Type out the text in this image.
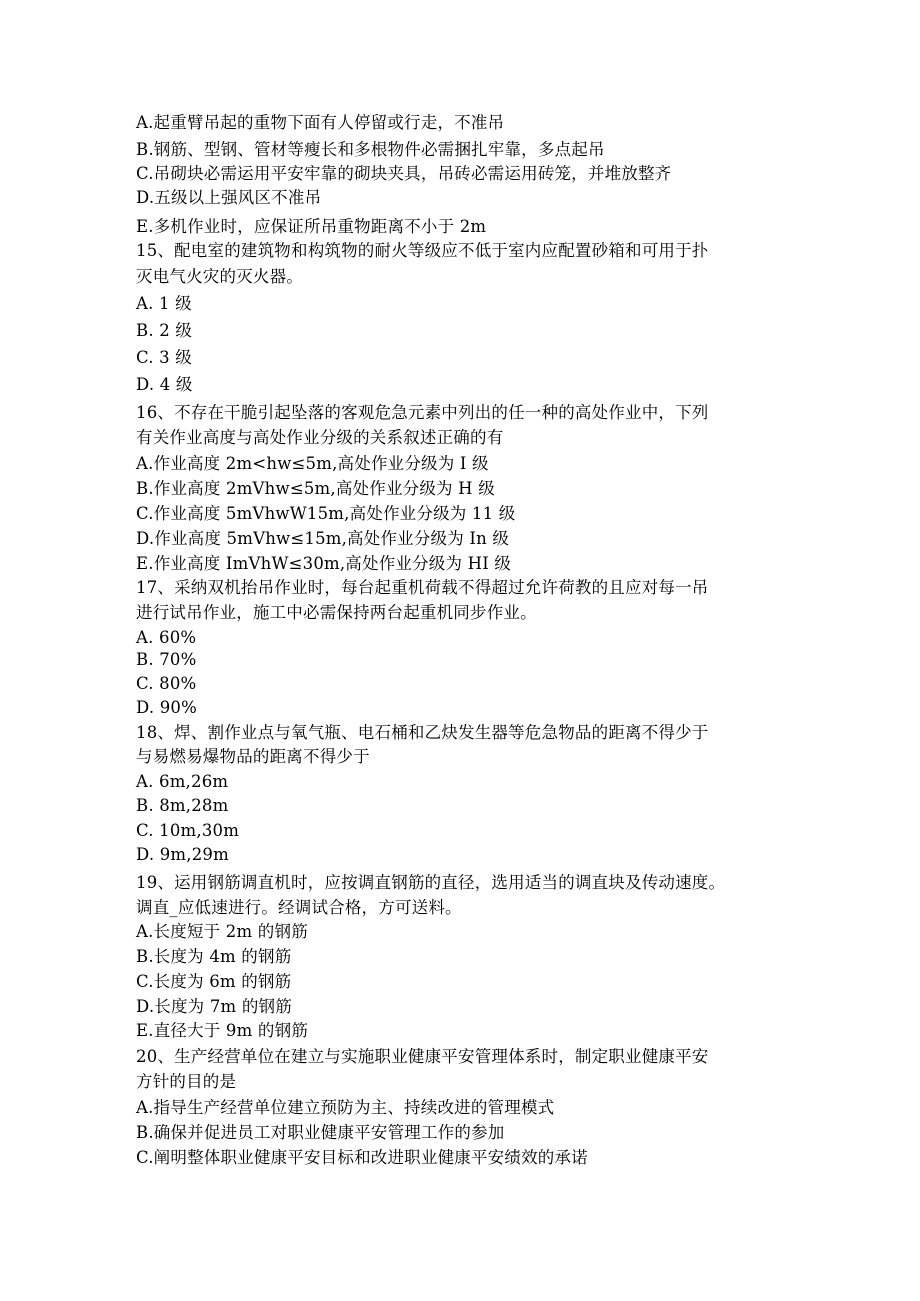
A.起重臂吊起的重物下面有人停留或行走，不准吊
B.钢筋、型钢、管材等瘦长和多根物件必需捆扎牢靠，多点起吊
C.吊砌块必需运用平安牢靠的砌块夹具，吊砖必需运用砖笼，并堆放整齐
D.五级以上强风区不准吊
E.多机作业时，应保证所吊重物距离不小于 2m
15、配电室的建筑物和构筑物的耐火等级应不低于室内应配置砂箱和可用于扑
灭电气火灾的灭火器。
A. 1 级
B. 2 级
C. 3 级
D. 4 级
16、不存在干脆引起坠落的客观危急元素中列出的任一种的高处作业中，下列
有关作业高度与高处作业分级的关系叙述正确的有
A.作业高度 2m<hw≤5m,高处作业分级为 I 级
B.作业高度 2mVhw≤5m,高处作业分级为 H 级
C.作业高度 5mVhwW15m,高处作业分级为 11 级
D.作业高度 5mVhw≤15m,高处作业分级为 In 级
E.作业高度 ImVhW≤30m,高处作业分级为 HI 级
17、采纳双机抬吊作业时，每台起重机荷载不得超过允许荷教的且应对每一吊
进行试吊作业，施工中必需保持两台起重机同步作业。
A. 60%
B. 70%
C. 80%
D. 90%
18、焊、割作业点与氧气瓶、电石桶和乙炔发生器等危急物品的距离不得少于
与易燃易爆物品的距离不得少于
A. 6m,26m
B. 8m,28m
C. 10m,30m
D. 9m,29m
19、运用钢筋调直机时，应按调直钢筋的直径，选用适当的调直块及传动速度。
调直_应低速进行。经调试合格，方可送料。
A.长度短于 2m 的钢筋
B.长度为 4m 的钢筋
C.长度为 6m 的钢筋
D.长度为 7m 的钢筋
E.直径大于 9m 的钢筋
20、生产经营单位在建立与实施职业健康平安管理体系时，制定职业健康平安
方针的目的是
A.指导生产经营单位建立预防为主、持续改进的管理模式
B.确保并促进员工对职业健康平安管理工作的参加
C.阐明整体职业健康平安目标和改进职业健康平安绩效的承诺
